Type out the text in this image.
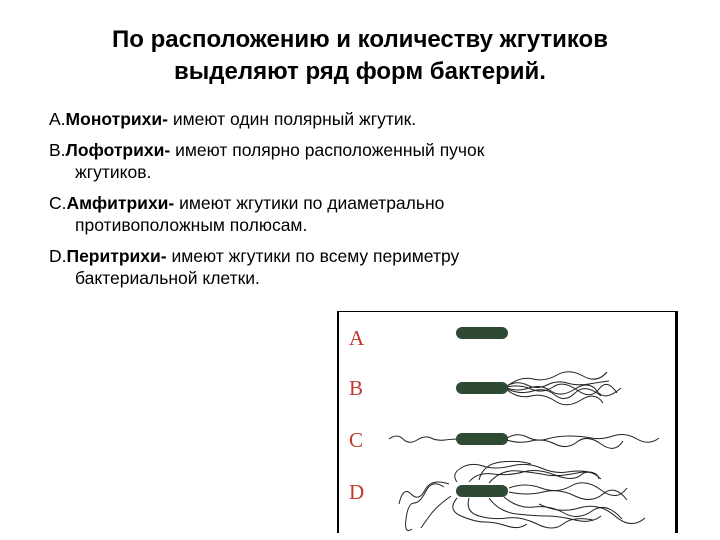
По расположению и количеству жгутиков
выделяют ряд форм бактерий.
A.Монотрихи- имеют один полярный жгутик.
B.Лофотрихи- имеют полярно расположенный пучок
жгутиков.
C.Амфитрихи- имеют жгутики по диаметрально
противоположным полюсам.
D.Перитрихи- имеют жгутики по всему периметру
бактериальной клетки.
A
B
C
D
